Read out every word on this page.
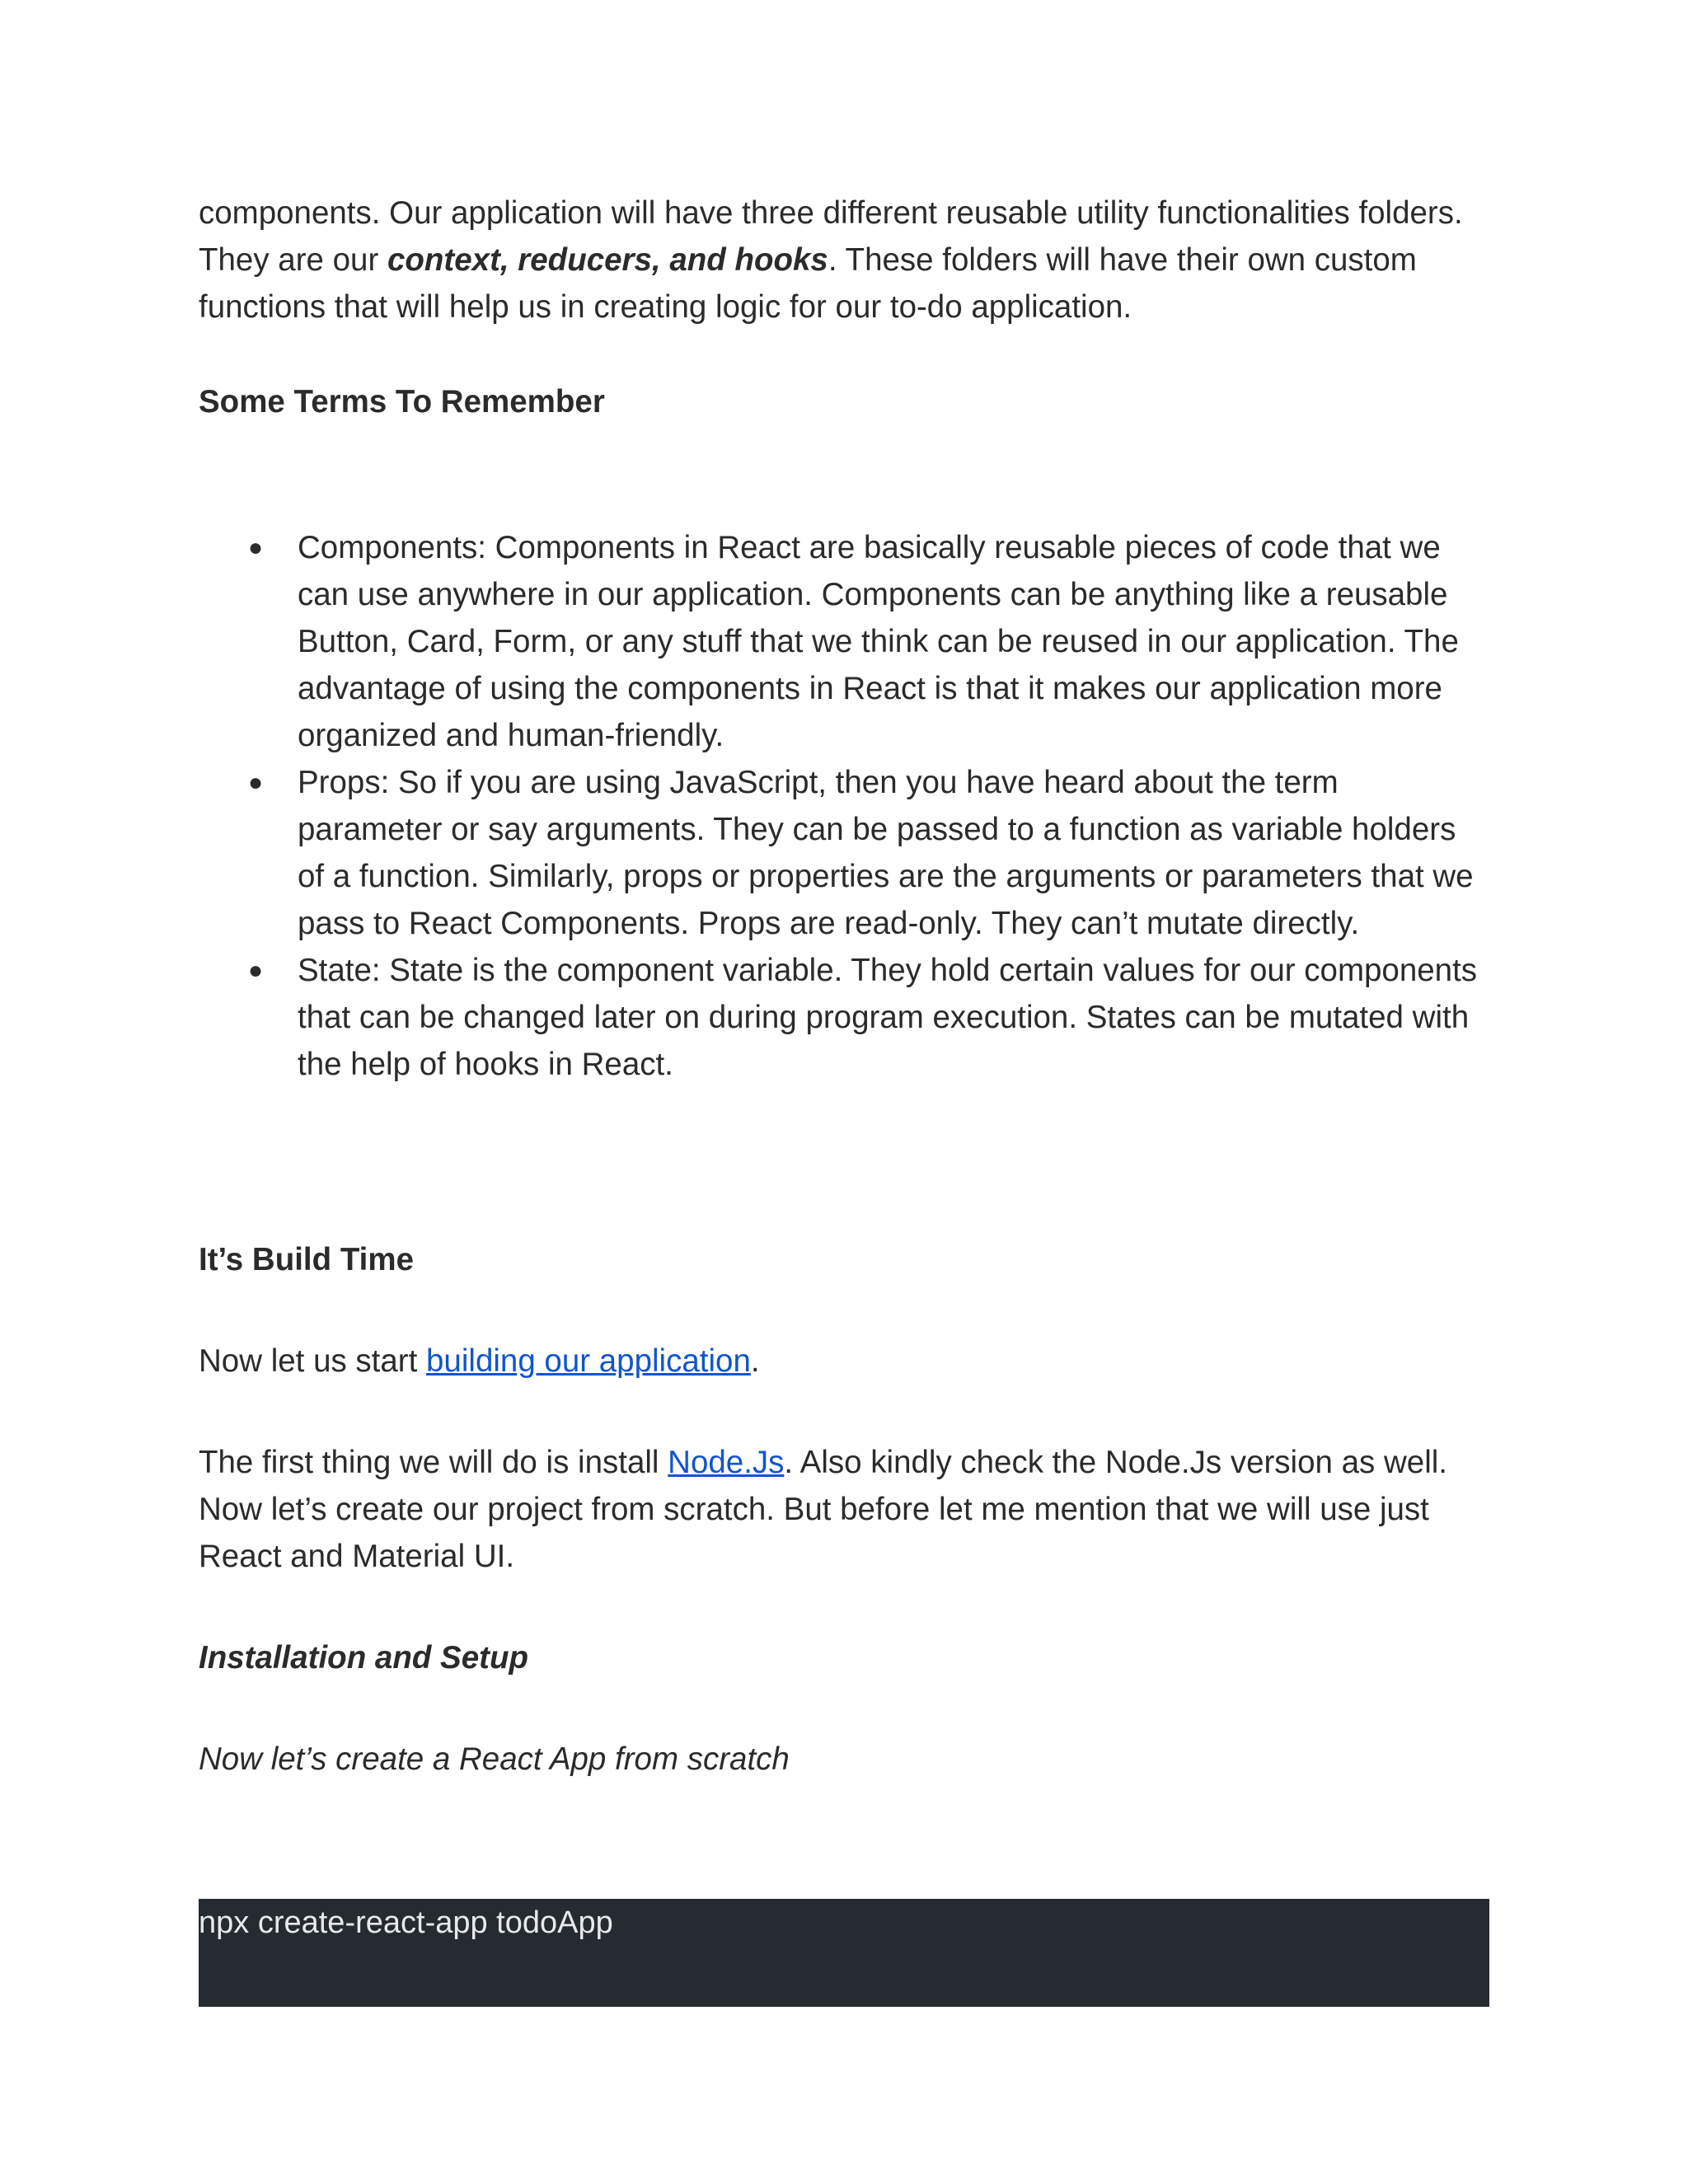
components. Our application will have three different reusable utility functionalities folders. They are our context, reducers, and hooks. These folders will have their own custom functions that will help us in creating logic for our to-do application.

Some Terms To Remember

● Components: Components in React are basically reusable pieces of code that we can use anywhere in our application. Components can be anything like a reusable Button, Card, Form, or any stuff that we think can be reused in our application. The advantage of using the components in React is that it makes our application more organized and human-friendly.
● Props: So if you are using JavaScript, then you have heard about the term parameter or say arguments. They can be passed to a function as variable holders of a function. Similarly, props or properties are the arguments or parameters that we pass to React Components. Props are read-only. They can’t mutate directly.
● State: State is the component variable. They hold certain values for our components that can be changed later on during program execution. States can be mutated with the help of hooks in React.

It’s Build Time

Now let us start building our application.

The first thing we will do is install Node.Js. Also kindly check the Node.Js version as well. Now let’s create our project from scratch. But before let me mention that we will use just React and Material UI.

Installation and Setup

Now let’s create a React App from scratch

npx create-react-app todoApp
